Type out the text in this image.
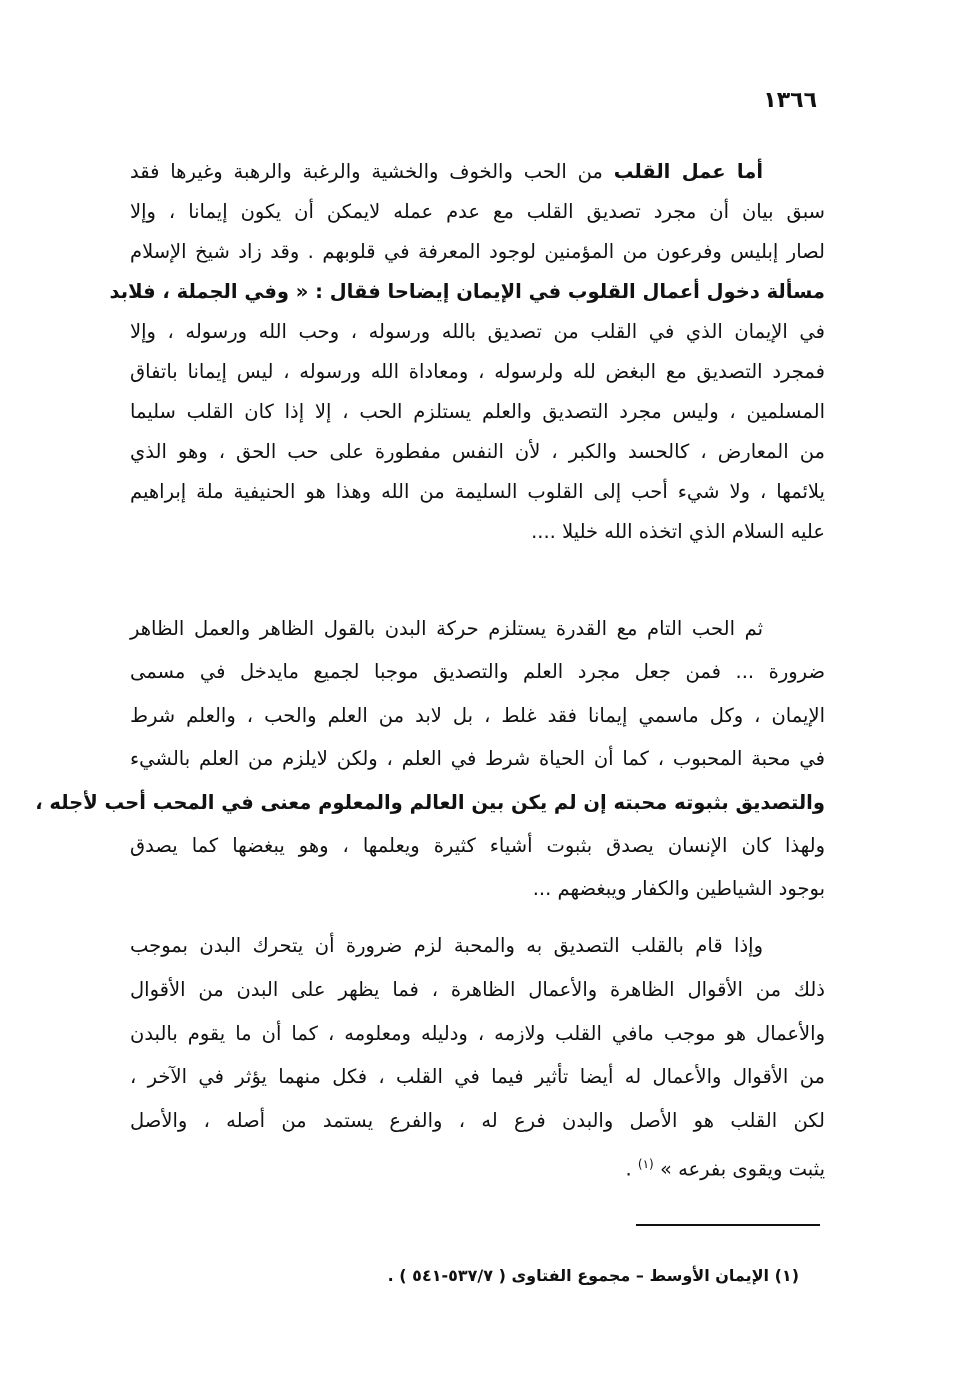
١٣٦٦
أما عمل القلب من الحب والخوف والخشية والرغبة والرهبة وغيرها فقد
سبق بيان أن مجرد تصديق القلب مع عدم عمله لايمكن أن يكون إيمانا ، وإلا
لصار إبليس وفرعون من المؤمنين لوجود المعرفة في قلوبهم . وقد زاد شيخ الإسلام
مسألة دخول أعمال القلوب في الإيمان إيضاحا فقال : « وفي الجملة ، فلابد
في الإيمان الذي في القلب من تصديق بالله ورسوله ، وحب الله ورسوله ، وإلا
فمجرد التصديق مع البغض لله ولرسوله ، ومعاداة الله ورسوله ، ليس إيمانا باتفاق
المسلمين ، وليس مجرد التصديق والعلم يستلزم الحب ، إلا إذا كان القلب سليما
من المعارض ، كالحسد والكبر ، لأن النفس مفطورة على حب الحق ، وهو الذي
يلائمها ، ولا شيء أحب إلى القلوب السليمة من الله وهذا هو الحنيفية ملة إبراهيم
عليه السلام الذي اتخذه الله خليلا ....
ثم الحب التام مع القدرة يستلزم حركة البدن بالقول الظاهر والعمل الظاهر
ضرورة ... فمن جعل مجرد العلم والتصديق موجبا لجميع مايدخل في مسمى
الإيمان ، وكل ماسمي إيمانا فقد غلط ، بل لابد من العلم والحب ، والعلم شرط
في محبة المحبوب ، كما أن الحياة شرط في العلم ، ولكن لايلزم من العلم بالشيء
والتصديق بثبوته محبته إن لم يكن بين العالم والمعلوم معنى في المحب أحب لأجله ،
ولهذا كان الإنسان يصدق بثبوت أشياء كثيرة ويعلمها ، وهو يبغضها كما يصدق
بوجود الشياطين والكفار ويبغضهم ...
وإذا قام بالقلب التصديق به والمحبة لزم ضرورة أن يتحرك البدن بموجب
ذلك من الأقوال الظاهرة والأعمال الظاهرة ، فما يظهر على البدن من الأقوال
والأعمال هو موجب مافي القلب ولازمه ، ودليله ومعلومه ، كما أن ما يقوم بالبدن
من الأقوال والأعمال له أيضا تأثير فيما في القلب ، فكل منهما يؤثر في الآخر ،
لكن القلب هو الأصل والبدن فرع له ، والفرع يستمد من أصله ، والأصل
يثبت ويقوى بفرعه » $^{(١)}$ .
(١) الإيمان الأوسط – مجموع الفتاوى ( ٥٣٧/٧-٥٤١ ) .
